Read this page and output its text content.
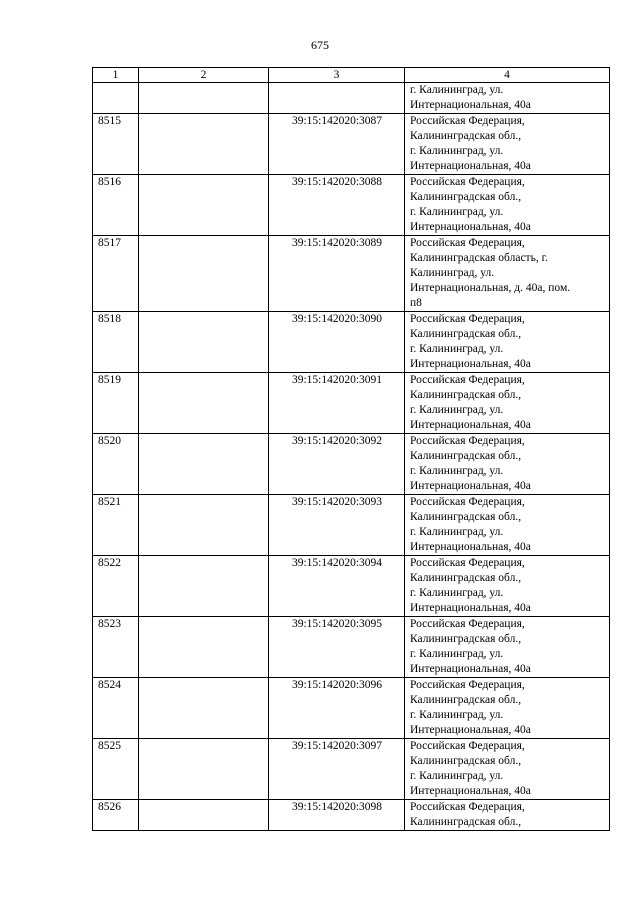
675
1	2	3	4
			г. Калининград, ул.
Интернациональная, 40а
8515		39:15:142020:3087	Российская Федерация,
Калининградская обл.,
г. Калининград, ул.
Интернациональная, 40а
8516		39:15:142020:3088	Российская Федерация,
Калининградская обл.,
г. Калининград, ул.
Интернациональная, 40а
8517		39:15:142020:3089	Российская Федерация,
Калининградская область, г.
Калининград, ул.
Интернациональная, д. 40а, пом.
п8
8518		39:15:142020:3090	Российская Федерация,
Калининградская обл.,
г. Калининград, ул.
Интернациональная, 40а
8519		39:15:142020:3091	Российская Федерация,
Калининградская обл.,
г. Калининград, ул.
Интернациональная, 40а
8520		39:15:142020:3092	Российская Федерация,
Калининградская обл.,
г. Калининград, ул.
Интернациональная, 40а
8521		39:15:142020:3093	Российская Федерация,
Калининградская обл.,
г. Калининград, ул.
Интернациональная, 40а
8522		39:15:142020:3094	Российская Федерация,
Калининградская обл.,
г. Калининград, ул.
Интернациональная, 40а
8523		39:15:142020:3095	Российская Федерация,
Калининградская обл.,
г. Калининград, ул.
Интернациональная, 40а
8524		39:15:142020:3096	Российская Федерация,
Калининградская обл.,
г. Калининград, ул.
Интернациональная, 40а
8525		39:15:142020:3097	Российская Федерация,
Калининградская обл.,
г. Калининград, ул.
Интернациональная, 40а
8526		39:15:142020:3098	Российская Федерация,
Калининградская обл.,
